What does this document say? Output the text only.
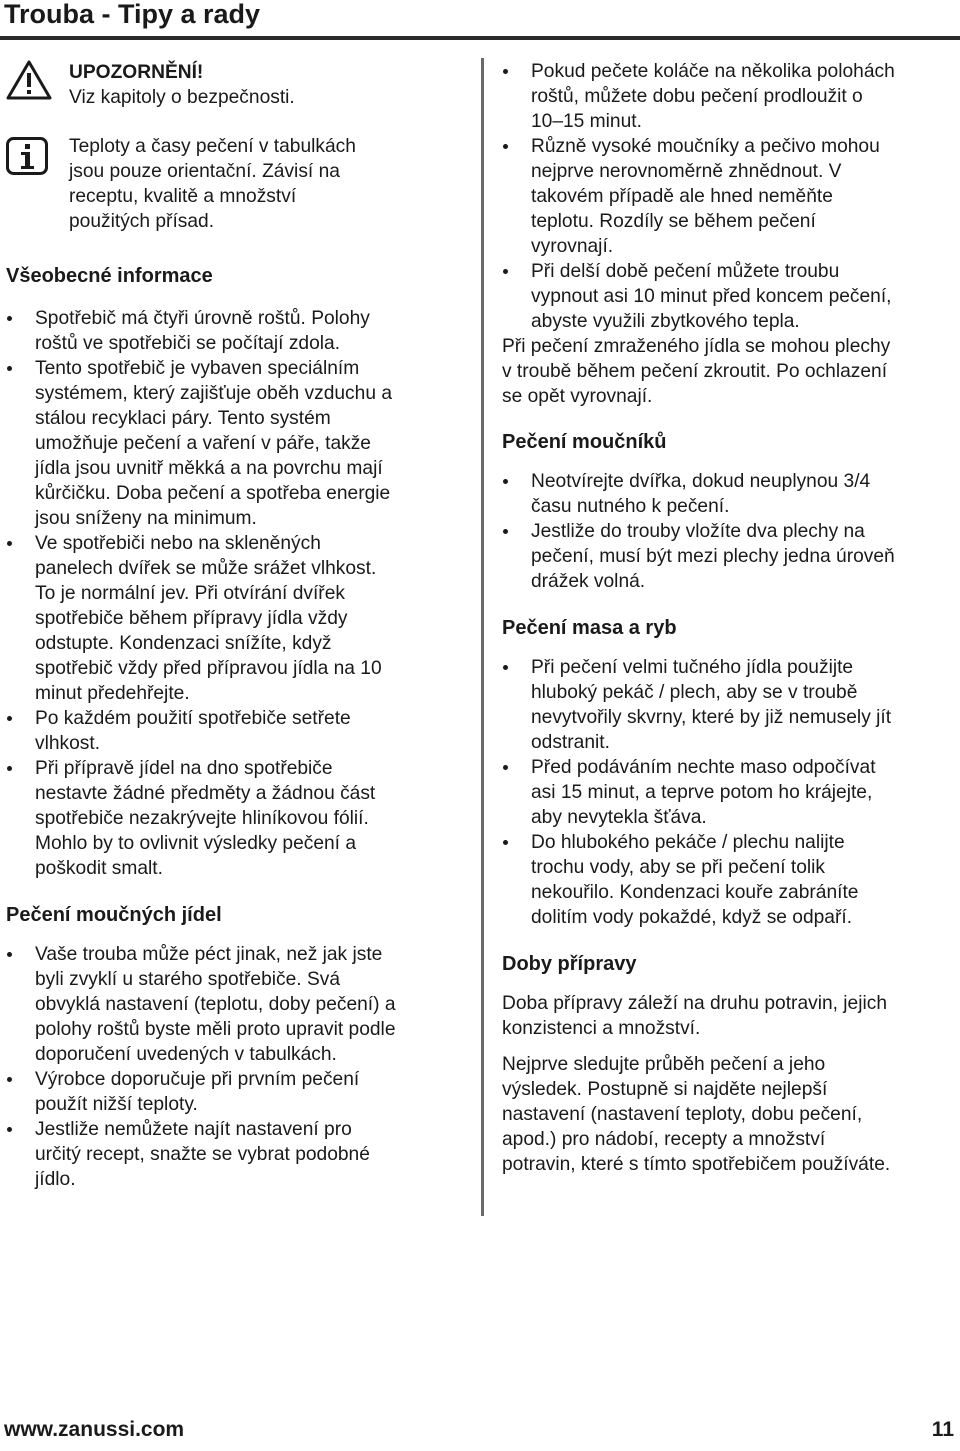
Trouba - Tipy a rady
UPOZORNĚNÍ!
Viz kapitoly o bezpečnosti.
Teploty a časy pečení v tabulkách
jsou pouze orientační. Závisí na
receptu, kvalitě a množství
použitých přísad.
Všeobecné informace
Spotřebič má čtyři úrovně roštů. Polohy
roštů ve spotřebiči se počítají zdola.
Tento spotřebič je vybaven speciálním
systémem, který zajišťuje oběh vzduchu a
stálou recyklaci páry. Tento systém
umožňuje pečení a vaření v páře, takže
jídla jsou uvnitř měkká a na povrchu mají
kůrčičku. Doba pečení a spotřeba energie
jsou sníženy na minimum.
Ve spotřebiči nebo na skleněných
panelech dvířek se může srážet vlhkost.
To je normální jev. Při otvírání dvířek
spotřebiče během přípravy jídla vždy
odstupte. Kondenzaci snížíte, když
spotřebič vždy před přípravou jídla na 10
minut předehřejte.
Po každém použití spotřebiče setřete
vlhkost.
Při přípravě jídel na dno spotřebiče
nestavte žádné předměty a žádnou část
spotřebiče nezakrývejte hliníkovou fólií.
Mohlo by to ovlivnit výsledky pečení a
poškodit smalt.
Pečení moučných jídel
Vaše trouba může péct jinak, než jak jste
byli zvyklí u starého spotřebiče. Svá
obvyklá nastavení (teplotu, doby pečení) a
polohy roštů byste měli proto upravit podle
doporučení uvedených v tabulkách.
Výrobce doporučuje při prvním pečení
použít nižší teploty.
Jestliže nemůžete najít nastavení pro
určitý recept, snažte se vybrat podobné
jídlo.
Pokud pečete koláče na několika polohách
roštů, můžete dobu pečení prodloužit o
10–15 minut.
Různě vysoké moučníky a pečivo mohou
nejprve nerovnoměrně zhnědnout. V
takovém případě ale hned neměňte
teplotu. Rozdíly se během pečení
vyrovnají.
Při delší době pečení můžete troubu
vypnout asi 10 minut před koncem pečení,
abyste využili zbytkového tepla.

Při pečení zmraženého jídla se mohou plechy
v troubě během pečení zkroutit. Po ochlazení
se opět vyrovnají.

Pečení moučníků
Neotvírejte dvířka, dokud neuplynou 3/4
času nutného k pečení.
Jestliže do trouby vložíte dva plechy na
pečení, musí být mezi plechy jedna úroveň
drážek volná.
Pečení masa a ryb
Při pečení velmi tučného jídla použijte
hluboký pekáč / plech, aby se v troubě
nevytvořily skvrny, které by již nemusely jít
odstranit.
Před podáváním nechte maso odpočívat
asi 15 minut, a teprve potom ho krájejte,
aby nevytekla šťáva.
Do hlubokého pekáče / plechu nalijte
trochu vody, aby se při pečení tolik
nekouřilo. Kondenzaci kouře zabráníte
dolitím vody pokaždé, když se odpaří.
Doby přípravy

Doba přípravy záleží na druhu potravin, jejich
konzistenci a množství.

Nejprve sledujte průběh pečení a jeho
výsledek. Postupně si najděte nejlepší
nastavení (nastavení teploty, dobu pečení,
apod.) pro nádobí, recepty a množství
potravin, které s tímto spotřebičem používáte.

www.zanussi.com	11
